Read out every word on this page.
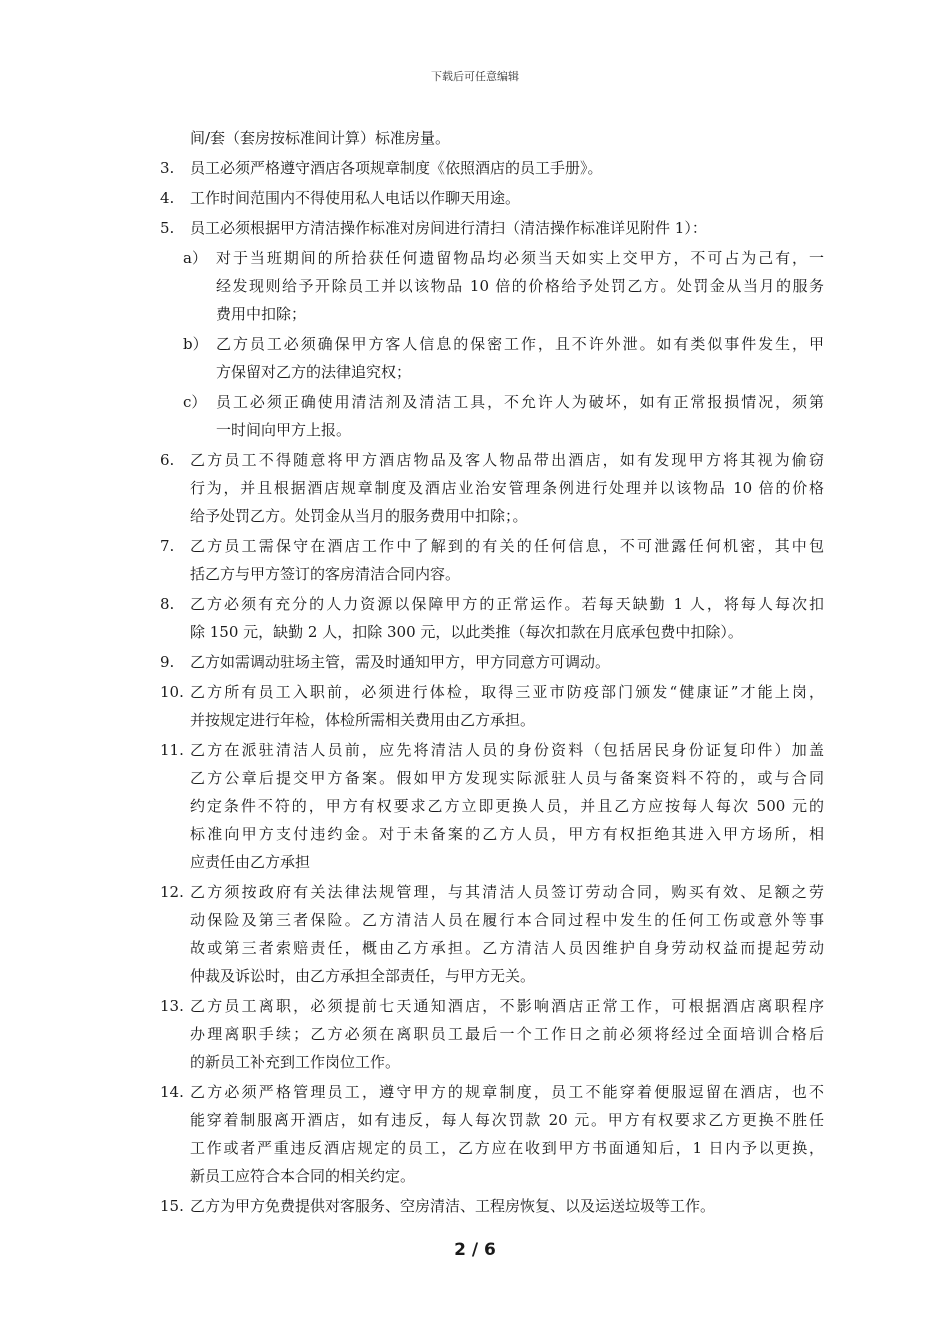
下载后可任意编辑
间/套（套房按标准间计算）标准房量。
3.	员工必须严格遵守酒店各项规章制度《依照酒店的员工手册》。
4.	工作时间范围内不得使用私人电话以作聊天用途。
5.	员工必须根据甲方清洁操作标准对房间进行清扫（清洁操作标准详见附件 1）：
a） 对于当班期间的所拾获任何遗留物品均必须当天如实上交甲方，不可占为己有，一
经发现则给予开除员工并以该物品 10 倍的价格给予处罚乙方。处罚金从当月的服务
费用中扣除；
b） 乙方员工必须确保甲方客人信息的保密工作，且不许外泄。如有类似事件发生，甲
方保留对乙方的法律追究权；
c） 员工必须正确使用清洁剂及清洁工具，不允许人为破坏，如有正常报损情况，须第
一时间向甲方上报。
6.	乙方员工不得随意将甲方酒店物品及客人物品带出酒店，如有发现甲方将其视为偷窃
行为，并且根据酒店规章制度及酒店业治安管理条例进行处理并以该物品 10 倍的价格
给予处罚乙方。处罚金从当月的服务费用中扣除；。
7.	乙方员工需保守在酒店工作中了解到的有关的任何信息，不可泄露任何机密，其中包
括乙方与甲方签订的客房清洁合同内容。
8.	乙方必须有充分的人力资源以保障甲方的正常运作。若每天缺勤 1 人，将每人每次扣
除 150 元，缺勤 2 人，扣除 300 元，以此类推（每次扣款在月底承包费中扣除）。
9.	乙方如需调动驻场主管，需及时通知甲方，甲方同意方可调动。
10. 乙方所有员工入职前，必须进行体检，取得三亚市防疫部门颁发“健康证”才能上岗，
并按规定进行年检，体检所需相关费用由乙方承担。
11. 乙方在派驻清洁人员前，应先将清洁人员的身份资料（包括居民身份证复印件）加盖
乙方公章后提交甲方备案。假如甲方发现实际派驻人员与备案资料不符的，或与合同
约定条件不符的，甲方有权要求乙方立即更换人员，并且乙方应按每人每次 500 元的
标准向甲方支付违约金。对于未备案的乙方人员，甲方有权拒绝其进入甲方场所，相
应责任由乙方承担
12. 乙方须按政府有关法律法规管理，与其清洁人员签订劳动合同，购买有效、足额之劳
动保险及第三者保险。乙方清洁人员在履行本合同过程中发生的任何工伤或意外等事
故或第三者索赔责任，概由乙方承担。乙方清洁人员因维护自身劳动权益而提起劳动
仲裁及诉讼时，由乙方承担全部责任，与甲方无关。
13. 乙方员工离职，必须提前七天通知酒店，不影响酒店正常工作，可根据酒店离职程序
办理离职手续；乙方必须在离职员工最后一个工作日之前必须将经过全面培训合格后
的新员工补充到工作岗位工作。
14. 乙方必须严格管理员工，遵守甲方的规章制度，员工不能穿着便服逗留在酒店，也不
能穿着制服离开酒店，如有违反，每人每次罚款 20 元。甲方有权要求乙方更换不胜任
工作或者严重违反酒店规定的员工，乙方应在收到甲方书面通知后，1 日内予以更换，
新员工应符合本合同的相关约定。
15. 乙方为甲方免费提供对客服务、空房清洁、工程房恢复、以及运送垃圾等工作。
2 / 6
